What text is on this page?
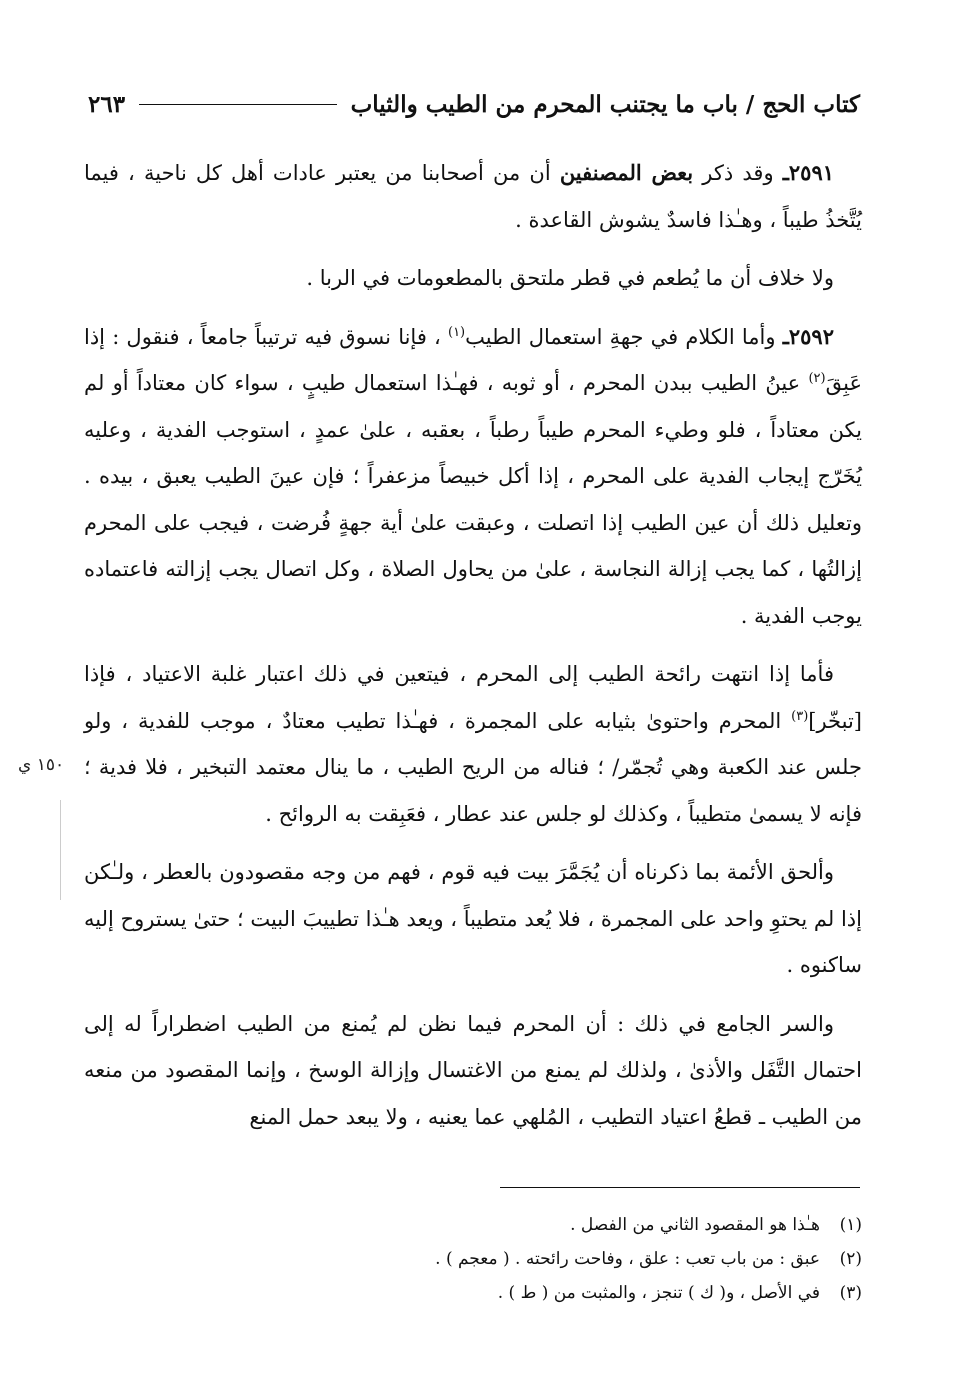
كتاب الحج / باب ما يجتنب المحرم من الطيب والثياب
٢٦٣

٢٥٩١ـ وقد ذكر بعض المصنفين أن من أصحابنا من يعتبر عادات أهل كل ناحية ، فيما يُتَّخذُ طيباً ، وهـٰذا فاسدٌ يشوش القاعدة .

ولا خلاف أن ما يُطعم في قطر ملتحق بالمطعومات في الربا .

٢٥٩٢ـ وأما الكلام في جهةِ استعمال الطيب$^{(١)}$ ، فإنا نسوق فيه ترتيباً جامعاً ، فنقول : إذا عَبِقَ$^{(٢)}$ عينُ الطيب ببدن المحرم ، أو ثوبه ، فهـٰذا استعمال طيبٍ ، سواء كان معتاداً أو لم يكن معتاداً ، فلو وطيء المحرم طيباً رطباً ، بعقبه ، علىٰ عمدٍ ، استوجب الفدية ، وعليه يُخَرّج إيجاب الفدية على المحرم ، إذا أكل خبيصاً مزعفراً ؛ فإن عينَ الطيب يعبق ، بيده . وتعليل ذلك أن عين الطيب إذا اتصلت ، وعبقت علىٰ أية جهةٍ فُرضت ، فيجب على المحرم إزالتُها ، كما يجب إزالة النجاسة ، علىٰ من يحاول الصلاة ، وكل اتصال يجب إزالته فاعتماده يوجب الفدية .

فأما إذا انتهت رائحة الطيب إلى المحرم ، فيتعين في ذلك اعتبار غلبة الاعتياد ، فإذا [تبخّر]$^{(٣)}$ المحرم واحتوىٰ بثيابه على المجمرة ، فهـٰذا تطيب معتادٌ ، موجب للفدية ، ولو جلس عند الكعبة وهي تُجمّر/ ؛ فناله من الريح الطيب ، ما ينال معتمد التبخير ، فلا فدية ؛ فإنه لا يسمىٰ متطيباً ، وكذلك لو جلس عند عطار ، فعَبِقت به الروائح .

وألحق الأئمة بما ذكرناه أن يُجَمَّرَ بيت فيه قوم ، فهم من وجه مقصودون بالعطر ، ولـٰكن إذا لم يحتوِ واحد على المجمرة ، فلا يُعد متطيباً ، ويعد هـٰذا تطييبَ البيت ؛ حتىٰ يستروح إليه ساكنوه .

والسر الجامع في ذلك : أن المحرم فيما نظن لم يُمنع من الطيب اضطراراً له إلى احتمال التَّفَل والأذىٰ ، ولذلك لم يمنع من الاغتسال وإزالة الوسخ ، وإنما المقصود من منعه من الطيب ـ قطعُ اعتياد التطيب ، المُلهي عما يعنيه ، ولا يبعد حمل المنع

١٥٠ ي
(١)هـٰذا هو المقصود الثاني من الفصل .
(٢)عبق : من باب تعب : علق ، وفاحت رائحته . ( معجم ) .
(٣)في الأصل ، و( ك ) تنجز ، والمثبت من ( ط ) .
